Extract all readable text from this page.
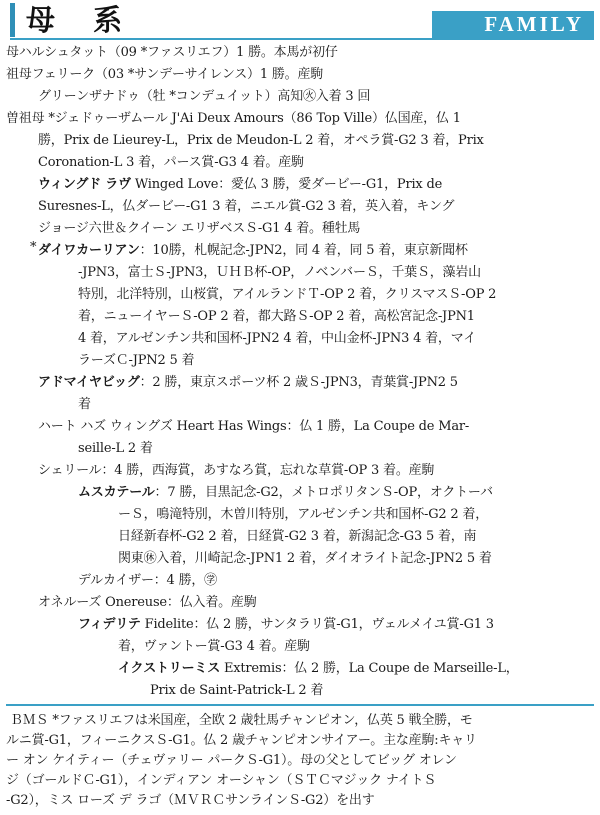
母 系	FAMILY
母ハルシュタット（09 *ファスリエフ）1 勝。本馬が初仔
祖母フェリーク（03 *サンデーサイレンス）1 勝。産駒
グリーンザナドゥ（牡 *コンデュイット）高知㊋入着 3 回
曽祖母 *ジェドゥーザムール J'Ai Deux Amours（86 Top Ville）仏国産，仏 1
勝，Prix de Lieurey-L，Prix de Meudon-L 2 着，オペラ賞-G2 3 着，Prix
Coronation-L 3 着，パース賞-G3 4 着。産駒
ウィングド ラヴ Winged Love：愛仏 3 勝，愛ダービー-G1，Prix de
Suresnes-L，仏ダービー-G1 3 着，ニエル賞-G2 3 着，英入着，キング
ジョージ六世＆クイーン エリザベスＳ-G1 4 着。種牡馬
* ダイワカーリアン：10勝，札幌記念-JPN2，同 4 着，同 5 着，東京新聞杯
-JPN3，富士Ｓ-JPN3，ＵＨＢ杯-OP，ノベンバーＳ，千葉Ｓ，藻岩山
特別，北洋特別，山桜賞，アイルランドＴ-OP 2 着，クリスマスＳ-OP 2
着，ニューイヤーＳ-OP 2 着，都大路Ｓ-OP 2 着，高松宮記念-JPN1
4 着，アルゼンチン共和国杯-JPN2 4 着，中山金杯-JPN3 4 着，マイ
ラーズＣ-JPN2 5 着
アドマイヤビッグ：2 勝，東京スポーツ杯 2 歳Ｓ-JPN3，青葉賞-JPN2 5
着
ハート ハズ ウィングズ Heart Has Wings：仏 1 勝，La Coupe de Mar-
seille-L 2 着
シェリール：4 勝，西海賞，あすなろ賞，忘れな草賞-OP 3 着。産駒
ムスカテール：7 勝，目黒記念-G2，メトロポリタンＳ-OP，オクトーバ
ーＳ，鳴滝特別，木曽川特別，アルゼンチン共和国杯-G2 2 着，
日経新春杯-G2 2 着，日経賞-G2 3 着，新潟記念-G3 5 着，南
関東㊡入着，川崎記念-JPN1 2 着，ダイオライト記念-JPN2 5 着
デルカイザー：4 勝，㊫
オネルーズ Onereuse：仏入着。産駒
フィデリテ Fidelite：仏 2 勝，サンタラリ賞-G1，ヴェルメイユ賞-G1 3
着，ヴァントー賞-G3 4 着。産駒
イクストリーミス Extremis：仏 2 勝，La Coupe de Marseille-L，
Prix de Saint-Patrick-L 2 着
ＢＭＳ *ファスリエフは米国産，全欧 2 歳牡馬チャンピオン，仏英 5 戦全勝，モ
ルニ賞-G1，フィーニクスＳ-G1。仏 2 歳チャンピオンサイアー。主な産駒:キャリ
ー オン ケイティー（チェヴァリー パークＳ-G1）。母の父としてビッグ オレン
ジ（ゴールドＣ-G1），インディアン オーシャン（ＳＴＣマジック ナイトＳ
-G2），ミス ローズ デ ラゴ（ＭＶＲＣサンラインＳ-G2）を出す
